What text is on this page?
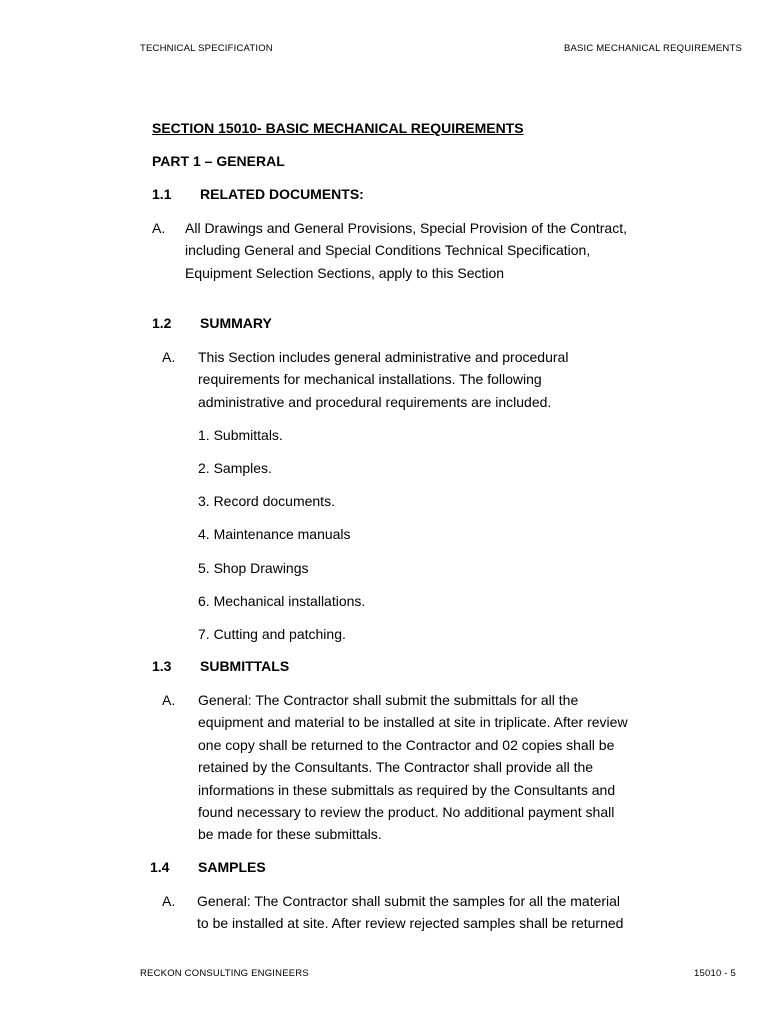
TECHNICAL SPECIFICATION	BASIC MECHANICAL REQUIREMENTS
SECTION 15010- BASIC MECHANICAL REQUIREMENTS
PART 1 – GENERAL
1.1 RELATED DOCUMENTS:
A. All Drawings and General Provisions, Special Provision of the Contract,
including General and Special Conditions Technical Specification,
Equipment Selection Sections, apply to this Section
1.2 SUMMARY
A. This Section includes general administrative and procedural
requirements for mechanical installations. The following
administrative and procedural requirements are included.
1. Submittals.
2. Samples.
3. Record documents.
4. Maintenance manuals
5. Shop Drawings
6. Mechanical installations.
7. Cutting and patching.
1.3 SUBMITTALS
A. General: The Contractor shall submit the submittals for all the
equipment and material to be installed at site in triplicate. After review
one copy shall be returned to the Contractor and 02 copies shall be
retained by the Consultants. The Contractor shall provide all the
informations in these submittals as required by the Consultants and
found necessary to review the product. No additional payment shall
be made for these submittals.
1.4 SAMPLES
A. General: The Contractor shall submit the samples for all the material
to be installed at site. After review rejected samples shall be returned
RECKON CONSULTING ENGINEERS	15010 - 5
